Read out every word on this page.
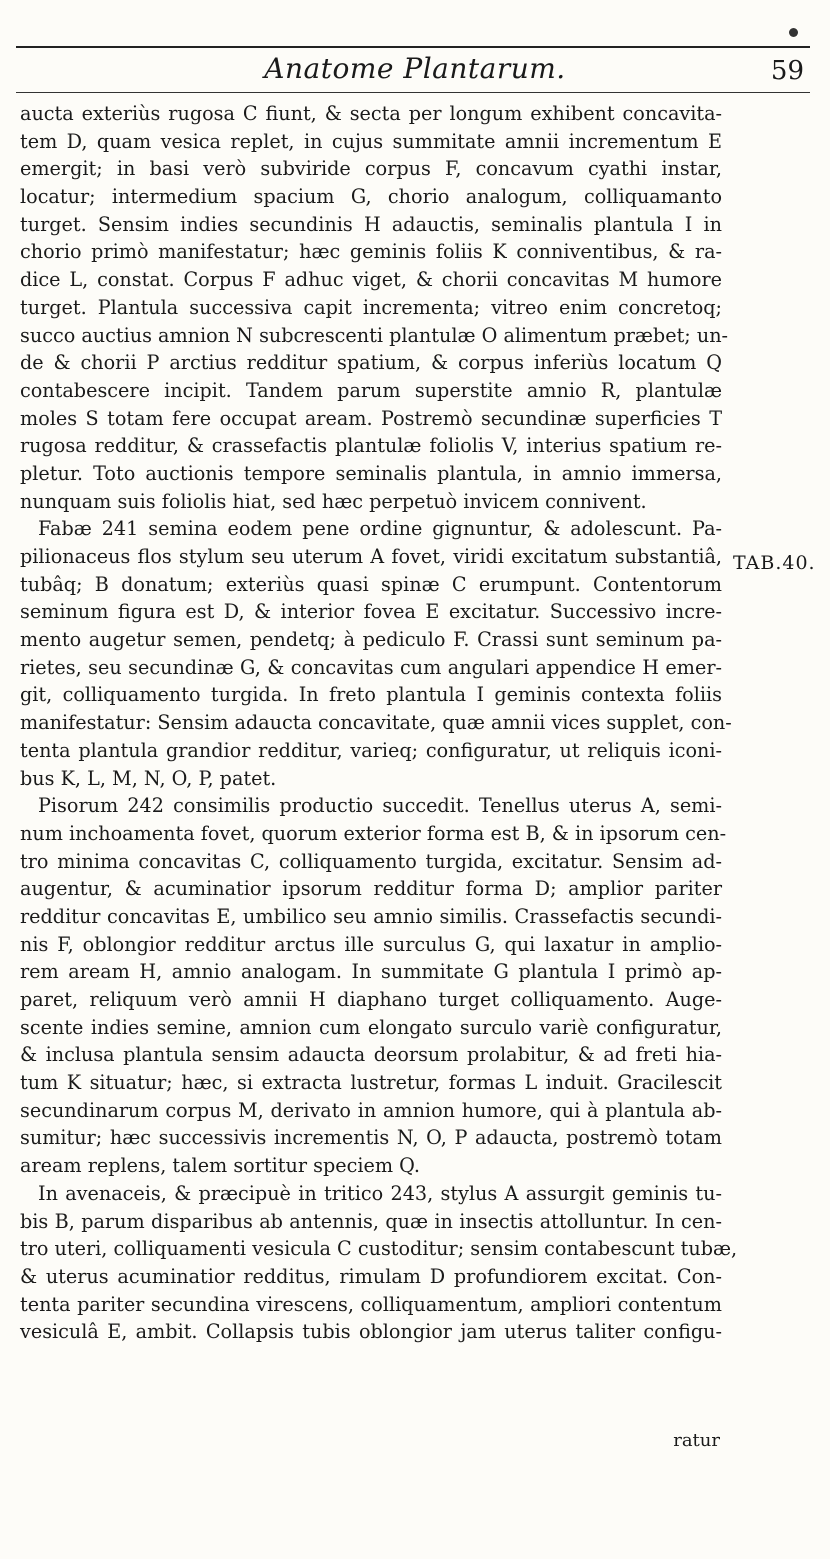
Anatome Plantarum.	59
aucta exteriùs rugosa C fiunt, & secta per longum exhibent concavita-
tem D, quam vesica replet, in cujus summitate amnii incrementum E
emergit; in basi verò subviride corpus F, concavum cyathi instar,
locatur; intermedium spacium G, chorio analogum, colliquamanto
turget. Sensim indies secundinis H adauctis, seminalis plantula I in
chorio primò manifestatur; hæc geminis foliis K conniventibus, & ra-
dice L, constat. Corpus F adhuc viget, & chorii concavitas M humore
turget. Plantula successiva capit incrementa; vitreo enim concretoq;
succo auctius amnion N subcrescenti plantulæ O alimentum præbet; un-
de & chorii P arctius redditur spatium, & corpus inferiùs locatum Q
contabescere incipit. Tandem parum superstite amnio R, plantulæ
moles S totam fere occupat aream. Postremò secundinæ superficies T
rugosa redditur, & crassefactis plantulæ foliolis V, interius spatium re-
pletur. Toto auctionis tempore seminalis plantula, in amnio immersa,
nunquam suis foliolis hiat, sed hæc perpetuò invicem connivent.
Fabæ 241 semina eodem pene ordine gignuntur, & adolescunt. Pa-
pilionaceus flos stylum seu uterum A fovet, viridi excitatum substantiâ,
tubâq; B donatum; exteriùs quasi spinæ C erumpunt. Contentorum
seminum figura est D, & interior fovea E excitatur. Successivo incre-
mento augetur semen, pendetq; à pediculo F. Crassi sunt seminum pa-
rietes, seu secundinæ G, & concavitas cum angulari appendice H emer-
git, colliquamento turgida. In freto plantula I geminis contexta foliis
manifestatur: Sensim adaucta concavitate, quæ amnii vices supplet, con-
tenta plantula grandior redditur, varieq; configuratur, ut reliquis iconi-
bus K, L, M, N, O, P, patet.
Pisorum 242 consimilis productio succedit. Tenellus uterus A, semi-
num inchoamenta fovet, quorum exterior forma est B, & in ipsorum cen-
tro minima concavitas C, colliquamento turgida, excitatur. Sensim ad-
augentur, & acuminatior ipsorum redditur forma D; amplior pariter
redditur concavitas E, umbilico seu amnio similis. Crassefactis secundi-
nis F, oblongior redditur arctus ille surculus G, qui laxatur in amplio-
rem aream H, amnio analogam. In summitate G plantula I primò ap-
paret, reliquum verò amnii H diaphano turget colliquamento. Auge-
scente indies semine, amnion cum elongato surculo variè configuratur,
& inclusa plantula sensim adaucta deorsum prolabitur, & ad freti hia-
tum K situatur; hæc, si extracta lustretur, formas L induit. Gracilescit
secundinarum corpus M, derivato in amnion humore, qui à plantula ab-
sumitur; hæc successivis incrementis N, O, P adaucta, postremò totam
aream replens, talem sortitur speciem Q.
In avenaceis, & præcipuè in tritico 243, stylus A assurgit geminis tu-
bis B, parum disparibus ab antennis, quæ in insectis attolluntur. In cen-
tro uteri, colliquamenti vesicula C custoditur; sensim contabescunt tubæ,
& uterus acuminatior redditus, rimulam D profundiorem excitat. Con-
tenta pariter secundina virescens, colliquamentum, ampliori contentum
vesiculâ E, ambit. Collapsis tubis oblongior jam uterus taliter configu-
TAB.40.
ratur
